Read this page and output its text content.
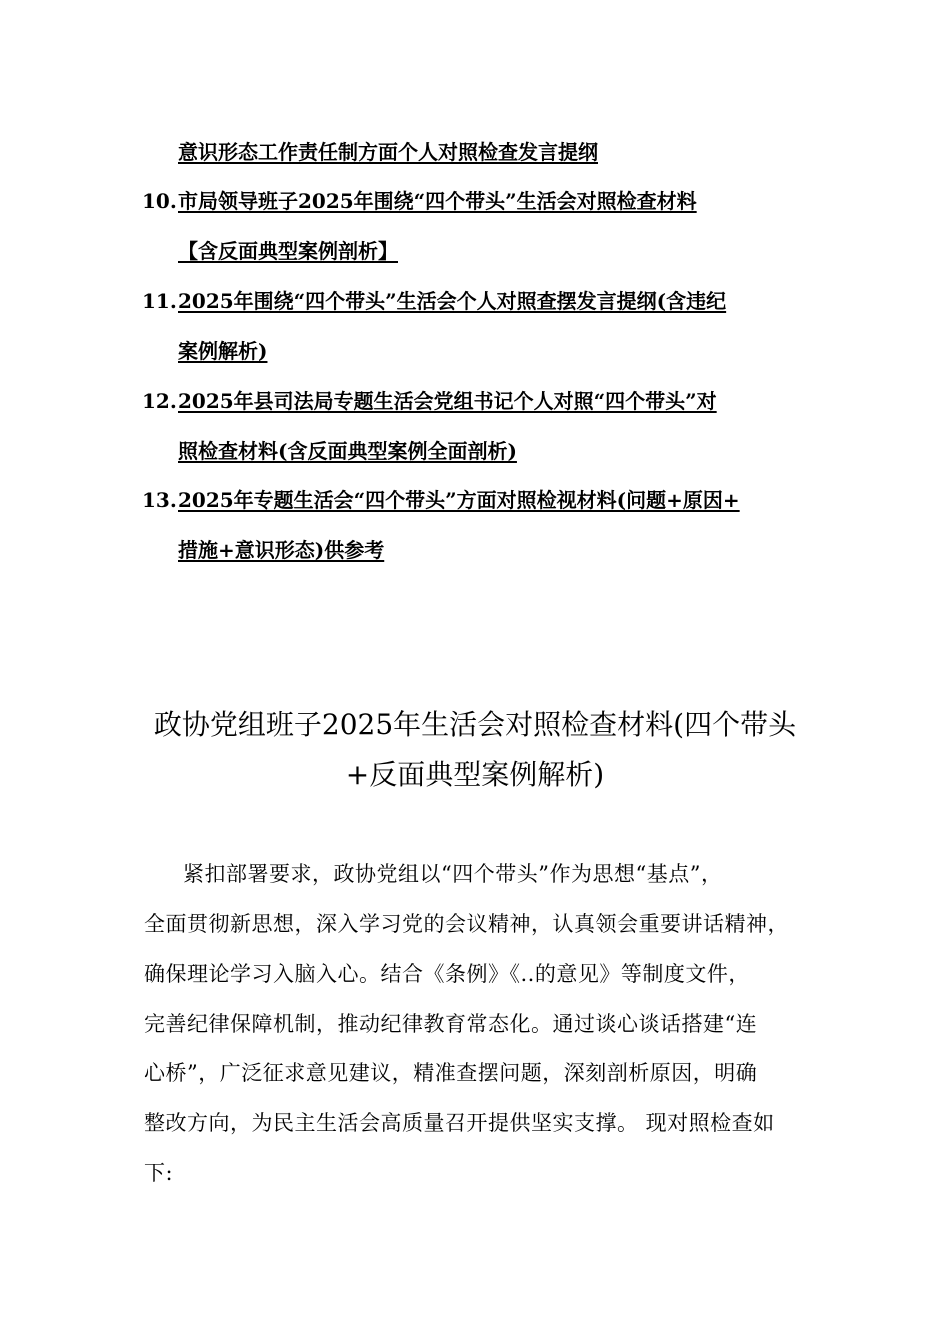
意识形态工作责任制方面个人对照检查发言提纲
10. 市局领导班子2025年围绕“四个带头”生活会对照检查材料
【含反面典型案例剖析】
11. 2025年围绕“四个带头”生活会个人对照查摆发言提纲(含违纪
案例解析)
12. 2025年县司法局专题生活会党组书记个人对照“四个带头”对
照检查材料(含反面典型案例全面剖析)
13. 2025年专题生活会“四个带头”方面对照检视材料(问题+原因+
措施+意识形态)供参考
政协党组班子2025年生活会对照检查材料(四个带头
+反面典型案例解析)
紧扣部署要求，政协党组以“四个带头”作为思想“基点”，
全面贯彻新思想，深入学习党的会议精神，认真领会重要讲话精神，
确保理论学习入脑入心。结合《条例》《..的意见》等制度文件，
完善纪律保障机制，推动纪律教育常态化。通过谈心谈话搭建“连
心桥”，广泛征求意见建议，精准查摆问题，深刻剖析原因，明确
整改方向，为民主生活会高质量召开提供坚实支撑。 现对照检查如
下:
